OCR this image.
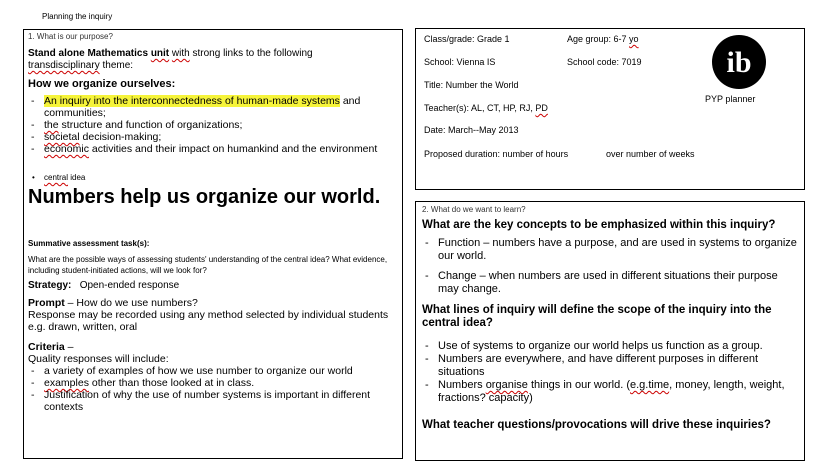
Planning the inquiry
1. What is our purpose?
Stand alone Mathematics unit with strong links to the following
transdisciplinary theme:
How we organize ourselves:
- An inquiry into the interconnectedness of human-made systems and communities;
- the structure and function of organizations;
- societal decision-making;
- economic activities and their impact on humankind and the environment
• central idea
Numbers help us organize our world.
Summative assessment task(s):
What are the possible ways of assessing students' understanding of the central idea? What evidence, including student-initiated actions, will we look for?
Strategy:   Open-ended response
Prompt – How do we use numbers?
Response may be recorded using any method selected by individual students e.g. drawn, written, oral
Criteria –
Quality responses will include:
- a variety of examples of how we use number to organize our world
- examples other than those looked at in class.
- Justification of why the use of number systems is important in different contexts
Class/grade: Grade 1	Age group: 6-7 yo
School: Vienna IS	School code: 7019
Title: Number the World
Teacher(s): AL, CT, HP, RJ, PD
Date: March--May 2013
Proposed duration: number of hours	over number of weeks
ib
PYP planner
2. What do we want to learn?
What are the key concepts to be emphasized within this inquiry?
- Function – numbers have a purpose, and are used in systems to organize our world.
- Change – when numbers are used in different situations their purpose may change.
What lines of inquiry will define the scope of the inquiry into the central idea?
- Use of systems to organize our world helps us function as a group.
- Numbers are everywhere, and have different purposes in different situations
- Numbers organise things in our world. (e.g.time, money, length, weight, fractions? capacity)
What teacher questions/provocations will drive these inquiries?
